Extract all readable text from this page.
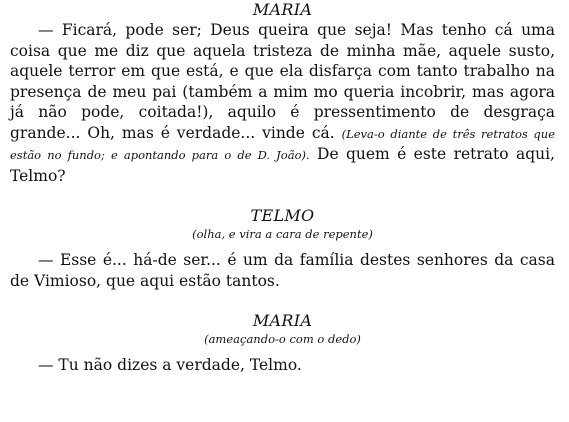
MARIA

— Ficará, pode ser; Deus queira que seja! Mas tenho cá uma coisa que me diz que aquela tristeza de minha mãe, aquele susto, aquele terror em que está, e que ela disfarça com tanto trabalho na presença de meu pai (também a mim mo queria incobrir, mas agora já não pode, coitada!), aquilo é pressentimento de desgraça grande... Oh, mas é verdade... vinde cá. (Leva-o diante de três retratos que estão no fundo; e apontando para o de D. João). De quem é este retrato aqui, Telmo?

TELMO
(olha, e vira a cara de repente)

— Esse é... há-de ser... é um da família destes senhores da casa de Vimioso, que aqui estão tantos.

MARIA
(ameaçando-o com o dedo)

— Tu não dizes a verdade, Telmo.
